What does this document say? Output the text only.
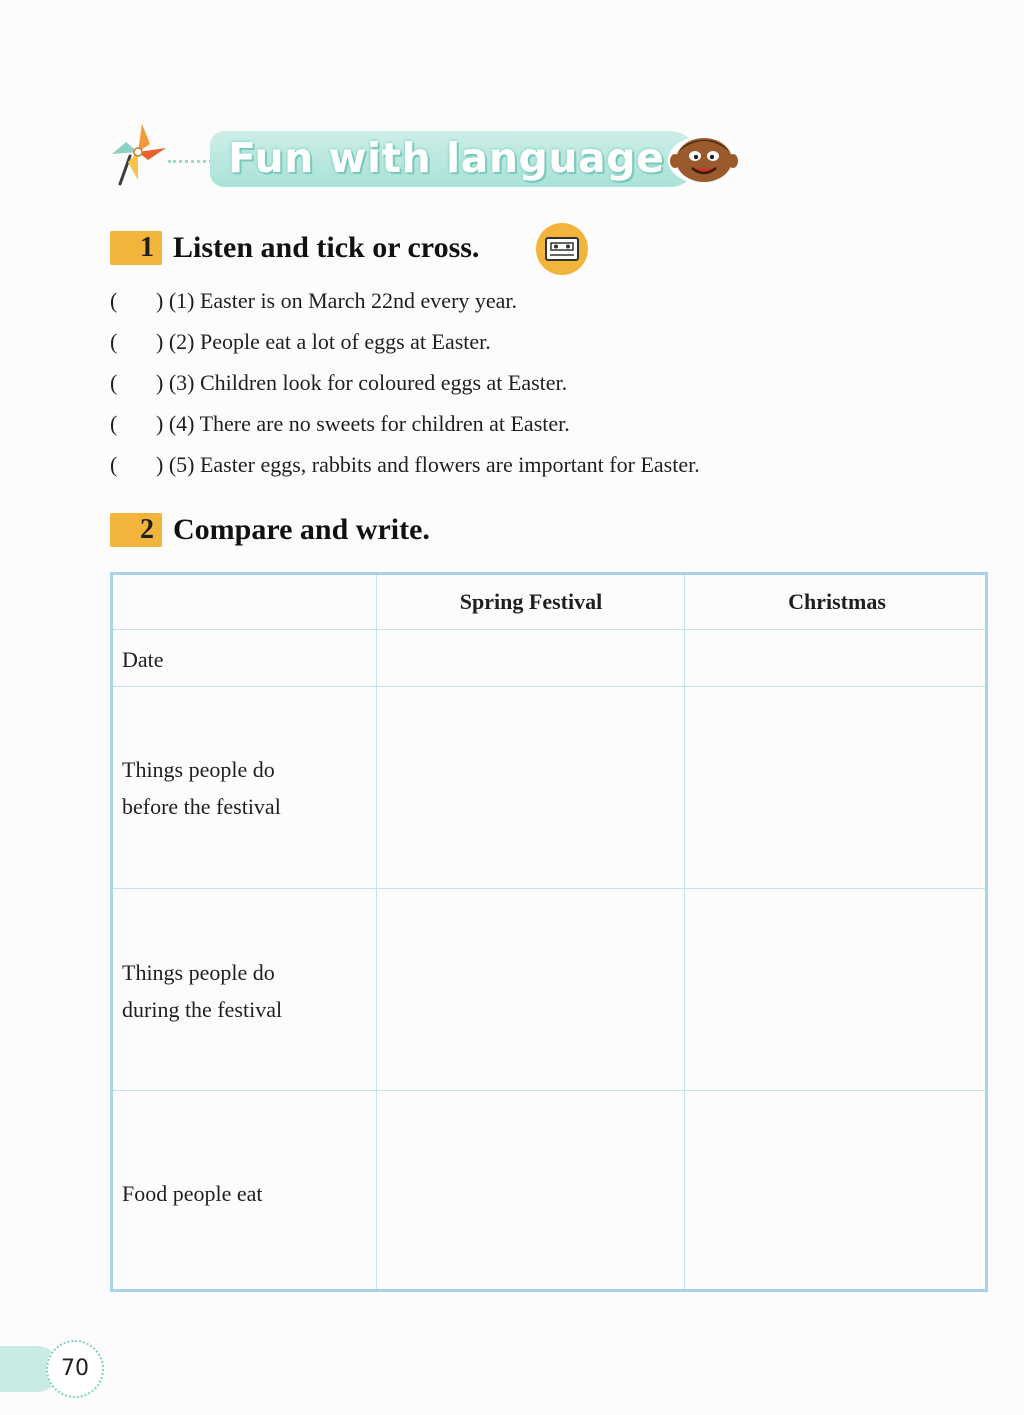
Fun with language
1 Listen and tick or cross.
( ) (1) Easter is on March 22nd every year.
( ) (2) People eat a lot of eggs at Easter.
( ) (3) Children look for coloured eggs at Easter.
( ) (4) There are no sweets for children at Easter.
( ) (5) Easter eggs, rabbits and flowers are important for Easter.
2 Compare and write.
Spring Festival	Christmas
Date
Things people do
before the festival
Things people do
during the festival
Food people eat
70
